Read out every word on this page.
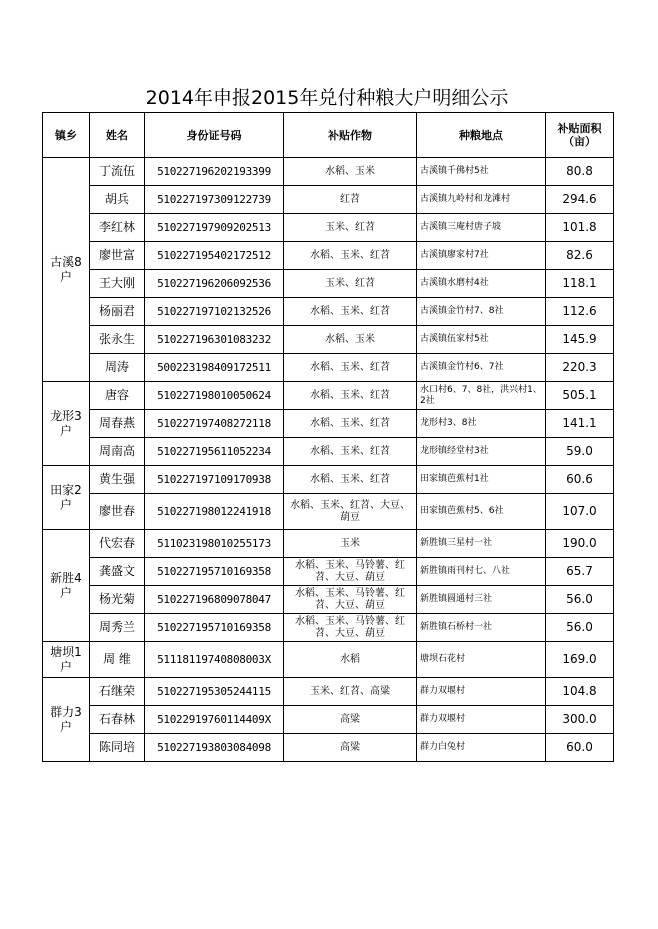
2014年申报2015年兑付种粮大户明细公示
镇乡	姓名	身份证号码	补贴作物	种粮地点	补贴面积（亩）
古溪8户	丁流伍	510227196202193399	水稻、玉米	古溪镇千佛村5社	80.8
	胡兵	510227197309122739	红苕	古溪镇九岭村和龙滩村	294.6
	李红林	510227197909202513	玉米、红苕	古溪镇三庵村唐子坡	101.8
	廖世富	510227195402172512	水稻、玉米、红苕	古溪镇廖家村7社	82.6
	王大刚	510227196206092536	玉米、红苕	古溪镇水磨村4社	118.1
	杨丽君	510227197102132526	水稻、玉米、红苕	古溪镇金竹村7、8社	112.6
	张永生	510227196301083232	水稻、玉米	古溪镇伍家村5社	145.9
	周涛	500223198409172511	水稻、玉米、红苕	古溪镇金竹村6、7社	220.3
龙形3户	唐容	510227198010050624	水稻、玉米、红苕	水口村6、7、8社，洪兴村1、2社	505.1
	周春燕	510227197408272118	水稻、玉米、红苕	龙形村3、8社	141.1
	周南高	510227195611052234	水稻、玉米、红苕	龙形镇经堂村3社	59.0
田家2户	黄生强	510227197109170938	水稻、玉米、红苕	田家镇芭蕉村1社	60.6
	廖世春	510227198012241918	水稻、玉米、红苕、大豆、葫豆	田家镇芭蕉村5、6社	107.0
新胜4户	代宏春	511023198010255173	玉米	新胜镇三星村一社	190.0
	龚盛文	510227195710169358	水稻、玉米、马铃薯、红苕、大豆、葫豆	新胜镇雨刊村七、八社	65.7
	杨光菊	510227196809078047	水稻、玉米、马铃薯、红苕、大豆、葫豆	新胜镇圆通村三社	56.0
	周秀兰	510227195710169358	水稻、玉米、马铃薯、红苕、大豆、葫豆	新胜镇石桥村一社	56.0
塘坝1户	周 维	51118119740808003X	水稻	塘坝石花村	169.0
群力3户	石继荣	510227195305244115	玉米、红苕、高粱	群力双堰村	104.8
	石春林	51022919760114409X	高粱	群力双堰村	300.0
	陈同培	510227193803084098	高粱	群力白兔村	60.0
